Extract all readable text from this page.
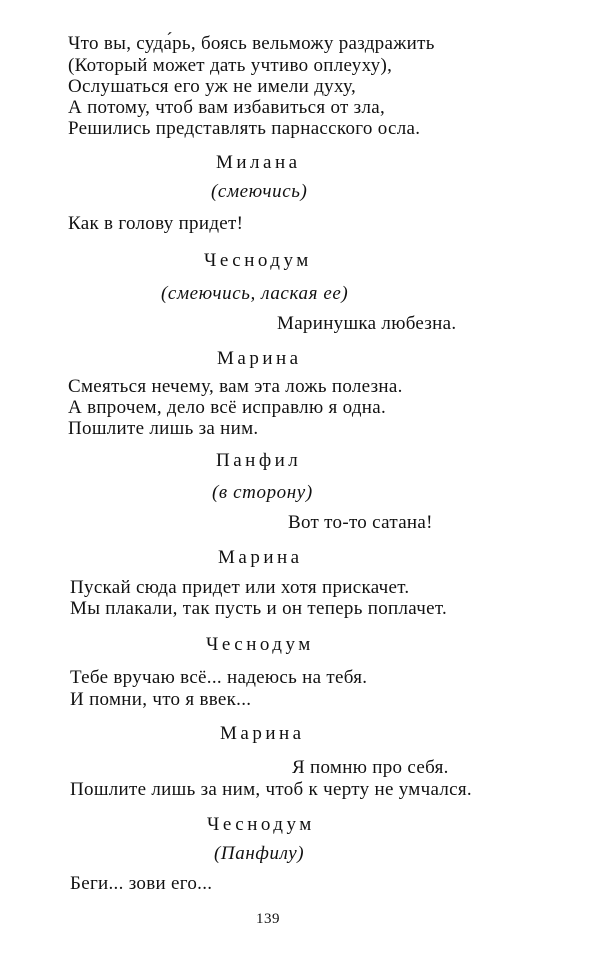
Что вы, суда́рь, боясь вельможу раздражить
(Который может дать учтиво оплеуху),
Ослушаться его уж не имели духу,
А потому, чтоб вам избавиться от зла,
Решились представлять парнасского осла.
Милана
(смеючись)
Как в голову придет!
Чеснодум
(смеючись, лаская ее)
Маринушка любезна.
Марина
Смеяться нечему, вам эта ложь полезна.
А впрочем, дело всё исправлю я одна.
Пошлите лишь за ним.
Панфил
(в сторону)
Вот то-то сатана!
Марина
Пускай сюда придет или хотя прискачет.
Мы плакали, так пусть и он теперь поплачет.
Чеснодум
Тебе вручаю всё... надеюсь на тебя.
И помни, что я ввек...
Марина
Я помню про себя.
Пошлите лишь за ним, чтоб к черту не умчался.
Чеснодум
(Панфилу)
Беги... зови его...
139
